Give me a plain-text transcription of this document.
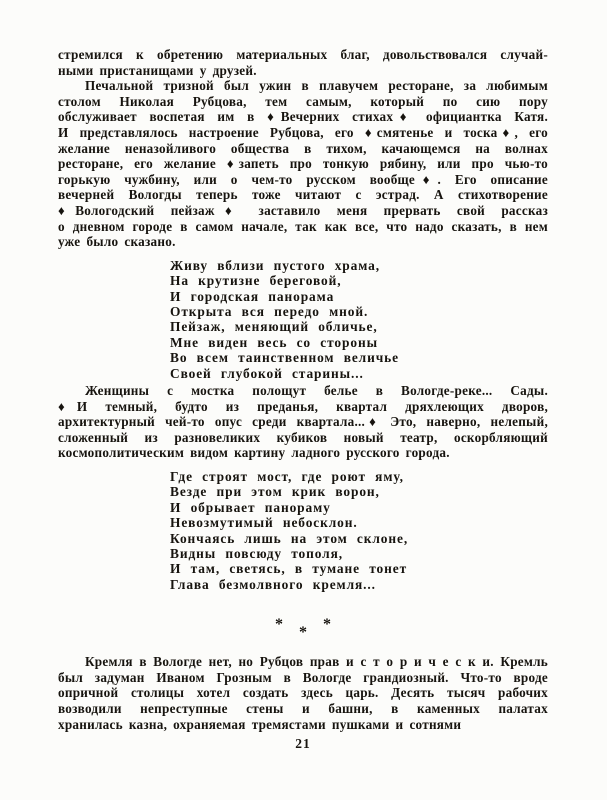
стремился к обретению материальных благ, довольствовался случай-
ными пристанищами у друзей.
Печальной тризной был ужин в плавучем ресторане, за любимым
столом Николая Рубцова, тем самым, который по сию пору
обслуживает воспетая им в ♦Вечерних стихах♦ официантка Катя.
И представлялось настроение Рубцова, его ♦смятенье и тоска♦, его
желание неназойливого общества в тихом, качающемся на волнах
ресторане, его желание ♦запеть про тонкую рябину, или про чью-то
горькую чужбину, или о чем-то русском вообще♦. Его описание
вечерней Вологды теперь тоже читают с эстрад. А стихотворение
♦Вологодский пейзаж♦ заставило меня прервать свой рассказ
о дневном городе в самом начале, так как все, что надо сказать, в нем
уже было сказано.
Живу вблизи пустого храма,
На крутизне береговой,
И городская панорама
Открыта вся передо мной.
Пейзаж, меняющий обличье,
Мне виден весь со стороны
Во всем таинственном величье
Своей глубокой старины...
Женщины с мостка полощут белье в Вологде-реке... Сады.
♦И темный, будто из преданья, квартал дряхлеющих дворов,
архитектурный чей-то опус среди квартала...♦ Это, наверно, нелепый,
сложенный из разновеликих кубиков новый театр, оскорбляющий
космополитическим видом картину ладного русского города.
Где строят мост, где роют яму,
Везде при этом крик ворон,
И обрывает панораму
Невозмутимый небосклон.
Кончаясь лишь на этом склоне,
Видны повсюду тополя,
И там, светясь, в тумане тонет
Глава безмолвного кремля...
* * *
Кремля в Вологде нет, но Рубцов прав и с т о р и ч е с к и. Кремль
был задуман Иваном Грозным в Вологде грандиозный. Что-то вроде
опричной столицы хотел создать здесь царь. Десять тысяч рабочих
возводили непреступные стены и башни, в каменных палатах
хранилась казна, охраняемая тремястами пушками и сотнями
21
